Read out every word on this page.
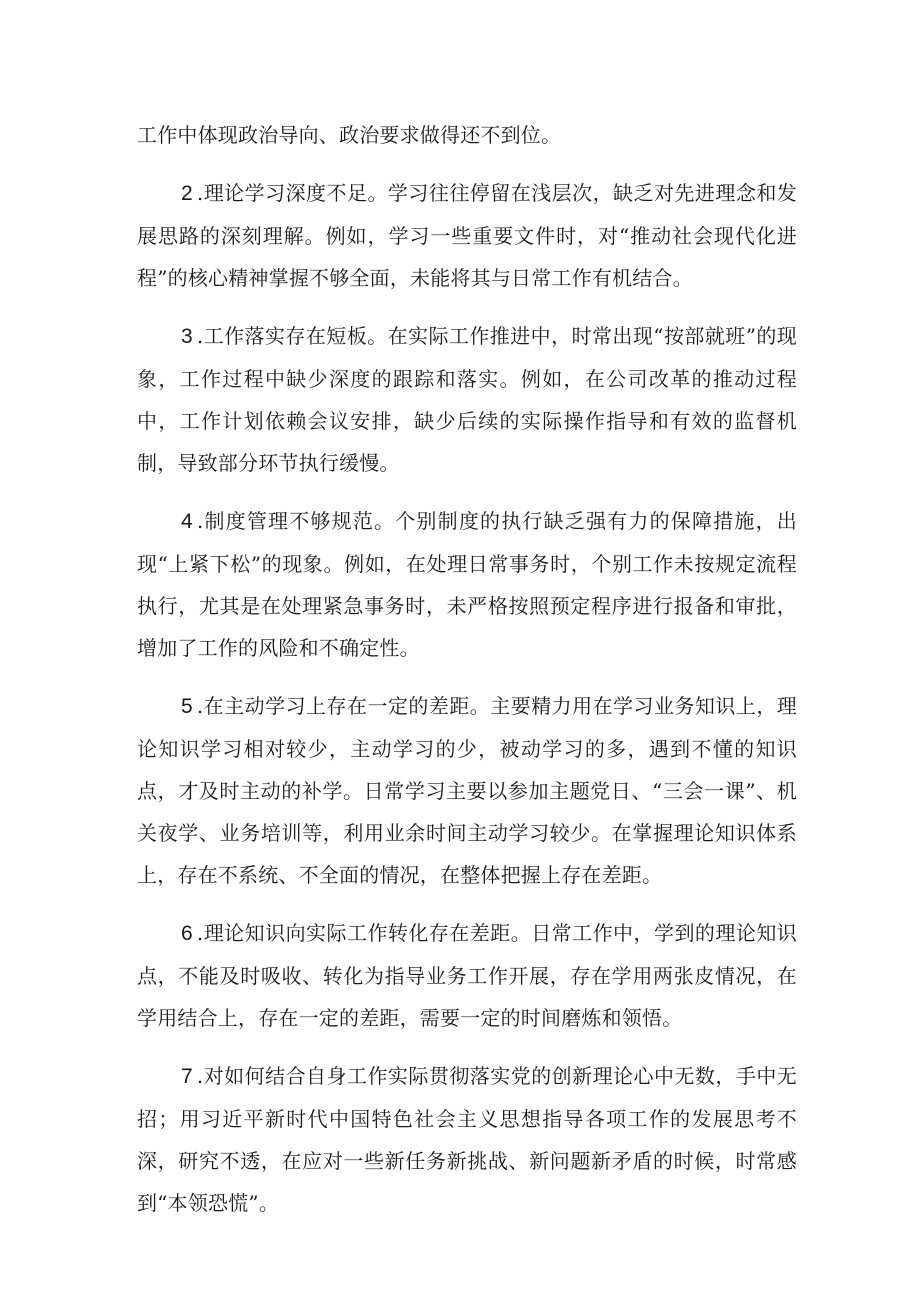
工作中体现政治导向、政治要求做得还不到位。

2 .理论学习深度不足。学习往往停留在浅层次，缺乏对先进理念和发展思路的深刻理解。例如，学习一些重要文件时，对“推动社会现代化进程”的核心精神掌握不够全面，未能将其与日常工作有机结合。

3 .工作落实存在短板。在实际工作推进中，时常出现“按部就班”的现象，工作过程中缺少深度的跟踪和落实。例如，在公司改革的推动过程中，工作计划依赖会议安排，缺少后续的实际操作指导和有效的监督机制，导致部分环节执行缓慢。

4 .制度管理不够规范。个别制度的执行缺乏强有力的保障措施，出现“上紧下松”的现象。例如，在处理日常事务时，个别工作未按规定流程执行，尤其是在处理紧急事务时，未严格按照预定程序进行报备和审批，增加了工作的风险和不确定性。

5 .在主动学习上存在一定的差距。主要精力用在学习业务知识上，理论知识学习相对较少，主动学习的少，被动学习的多，遇到不懂的知识点，才及时主动的补学。日常学习主要以参加主题党日、“三会一课”、机关夜学、业务培训等，利用业余时间主动学习较少。在掌握理论知识体系上，存在不系统、不全面的情况，在整体把握上存在差距。

6 .理论知识向实际工作转化存在差距。日常工作中，学到的理论知识点，不能及时吸收、转化为指导业务工作开展，存在学用两张皮情况，在学用结合上，存在一定的差距，需要一定的时间磨炼和领悟。

7 .对如何结合自身工作实际贯彻落实党的创新理论心中无数，手中无招；用习近平新时代中国特色社会主义思想指导各项工作的发展思考不深，研究不透，在应对一些新任务新挑战、新问题新矛盾的时候，时常感到“本领恐慌”。
